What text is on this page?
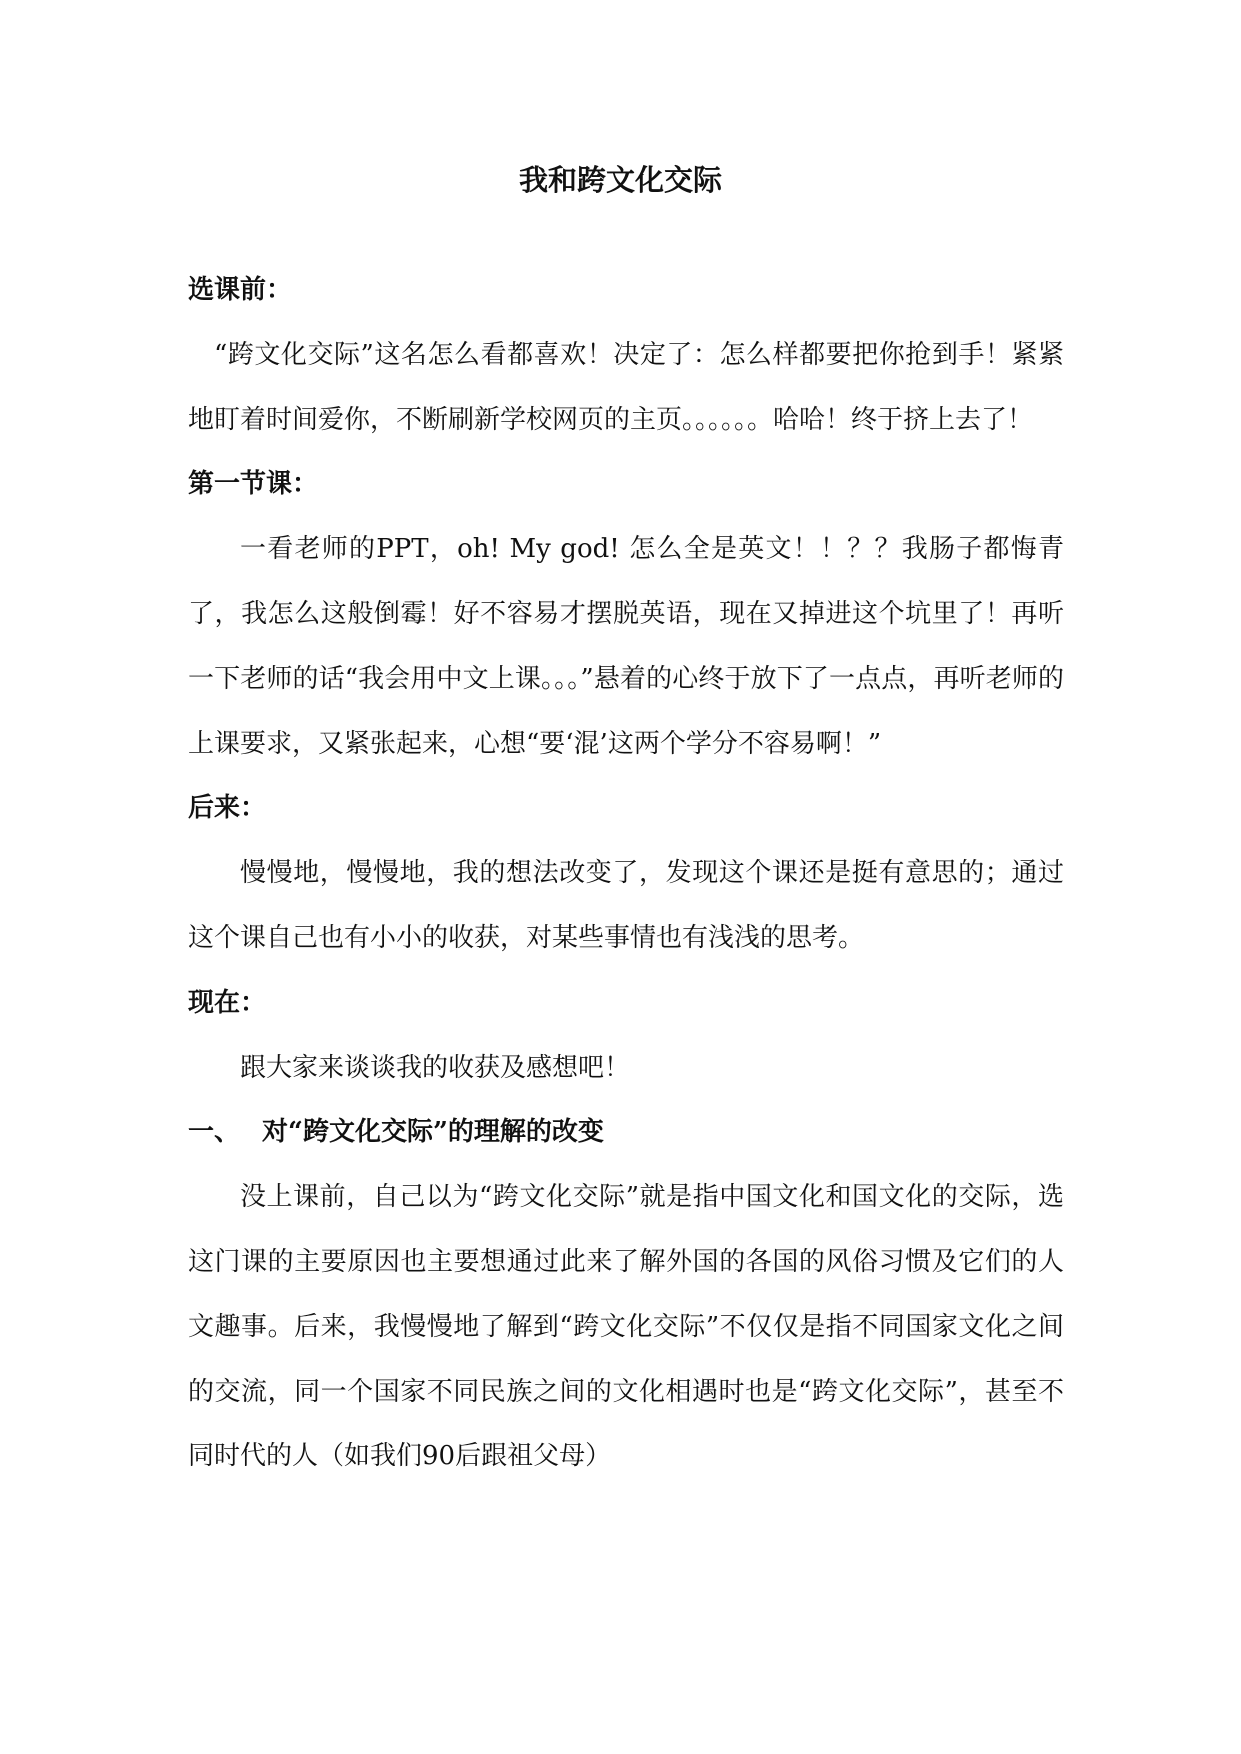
我和跨文化交际

选课前：

“跨文化交际”这名怎么看都喜欢！决定了：怎么样都要把你抢到手！紧紧地盯着时间爱你，不断刷新学校网页的主页。。。。。。哈哈！终于挤上去了！

第一节课：

一看老师的PPT，oh! My god! 怎么全是英文！！？？我肠子都悔青了，我怎么这般倒霉！好不容易才摆脱英语，现在又掉进这个坑里了！再听一下老师的话“我会用中文上课。。。”悬着的心终于放下了一点点，再听老师的上课要求，又紧张起来，心想“要‘混’这两个学分不容易啊！”

后来：

慢慢地，慢慢地，我的想法改变了，发现这个课还是挺有意思的；通过这个课自己也有小小的收获，对某些事情也有浅浅的思考。

现在：

跟大家来谈谈我的收获及感想吧！

一、 对“跨文化交际”的理解的改变

没上课前，自己以为“跨文化交际”就是指中国文化和国文化的交际，选这门课的主要原因也主要想通过此来了解外国的各国的风俗习惯及它们的人文趣事。后来，我慢慢地了解到“跨文化交际”不仅仅是指不同国家文化之间的交流，同一个国家不同民族之间的文化相遇时也是“跨文化交际”，甚至不同时代的人（如我们90后跟祖父母）
